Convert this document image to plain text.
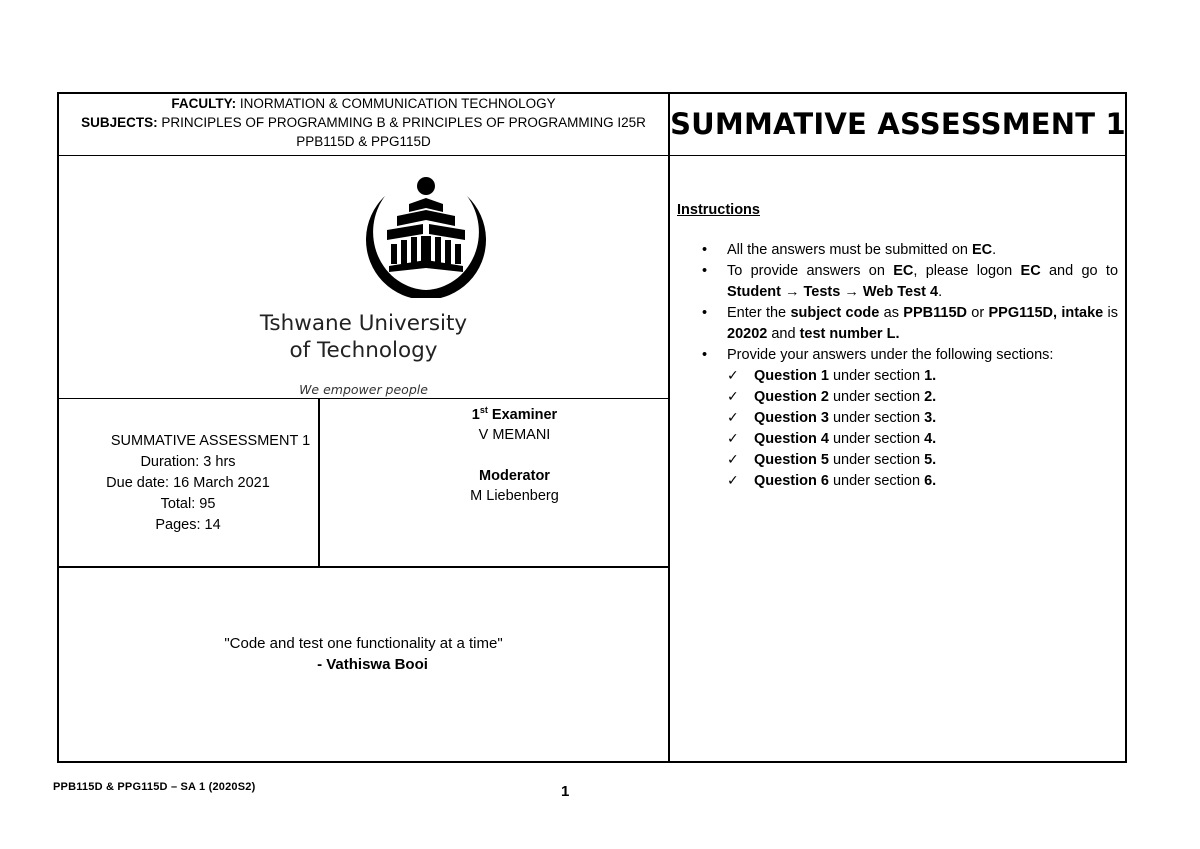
FACULTY: INORMATION & COMMUNICATION TECHNOLOGY
SUBJECTS: PRINCIPLES OF PROGRAMMING B & PRINCIPLES OF PROGRAMMING I25R
PPB115D & PPG115D
SUMMATIVE ASSESSMENT 1
Tshwane University
of Technology
We empower people
SUMMATIVE ASSESSMENT 1
Duration: 3 hrs
Due date: 16 March 2021
Total: 95
Pages: 14
1st Examiner
V MEMANI
Moderator
M Liebenberg
"Code and test one functionality at a time"
- Vathiswa Booi
Instructions
• All the answers must be submitted on EC.
• To provide answers on EC, please logon EC and go to Student → Tests → Web Test 4.
• Enter the subject code as PPB115D or PPG115D, intake is 20202 and test number L.
• Provide your answers under the following sections:
✓ Question 1 under section 1.
✓ Question 2 under section 2.
✓ Question 3 under section 3.
✓ Question 4 under section 4.
✓ Question 5 under section 5.
✓ Question 6 under section 6.
PPB115D & PPG115D – SA 1 (2020S2)	1
